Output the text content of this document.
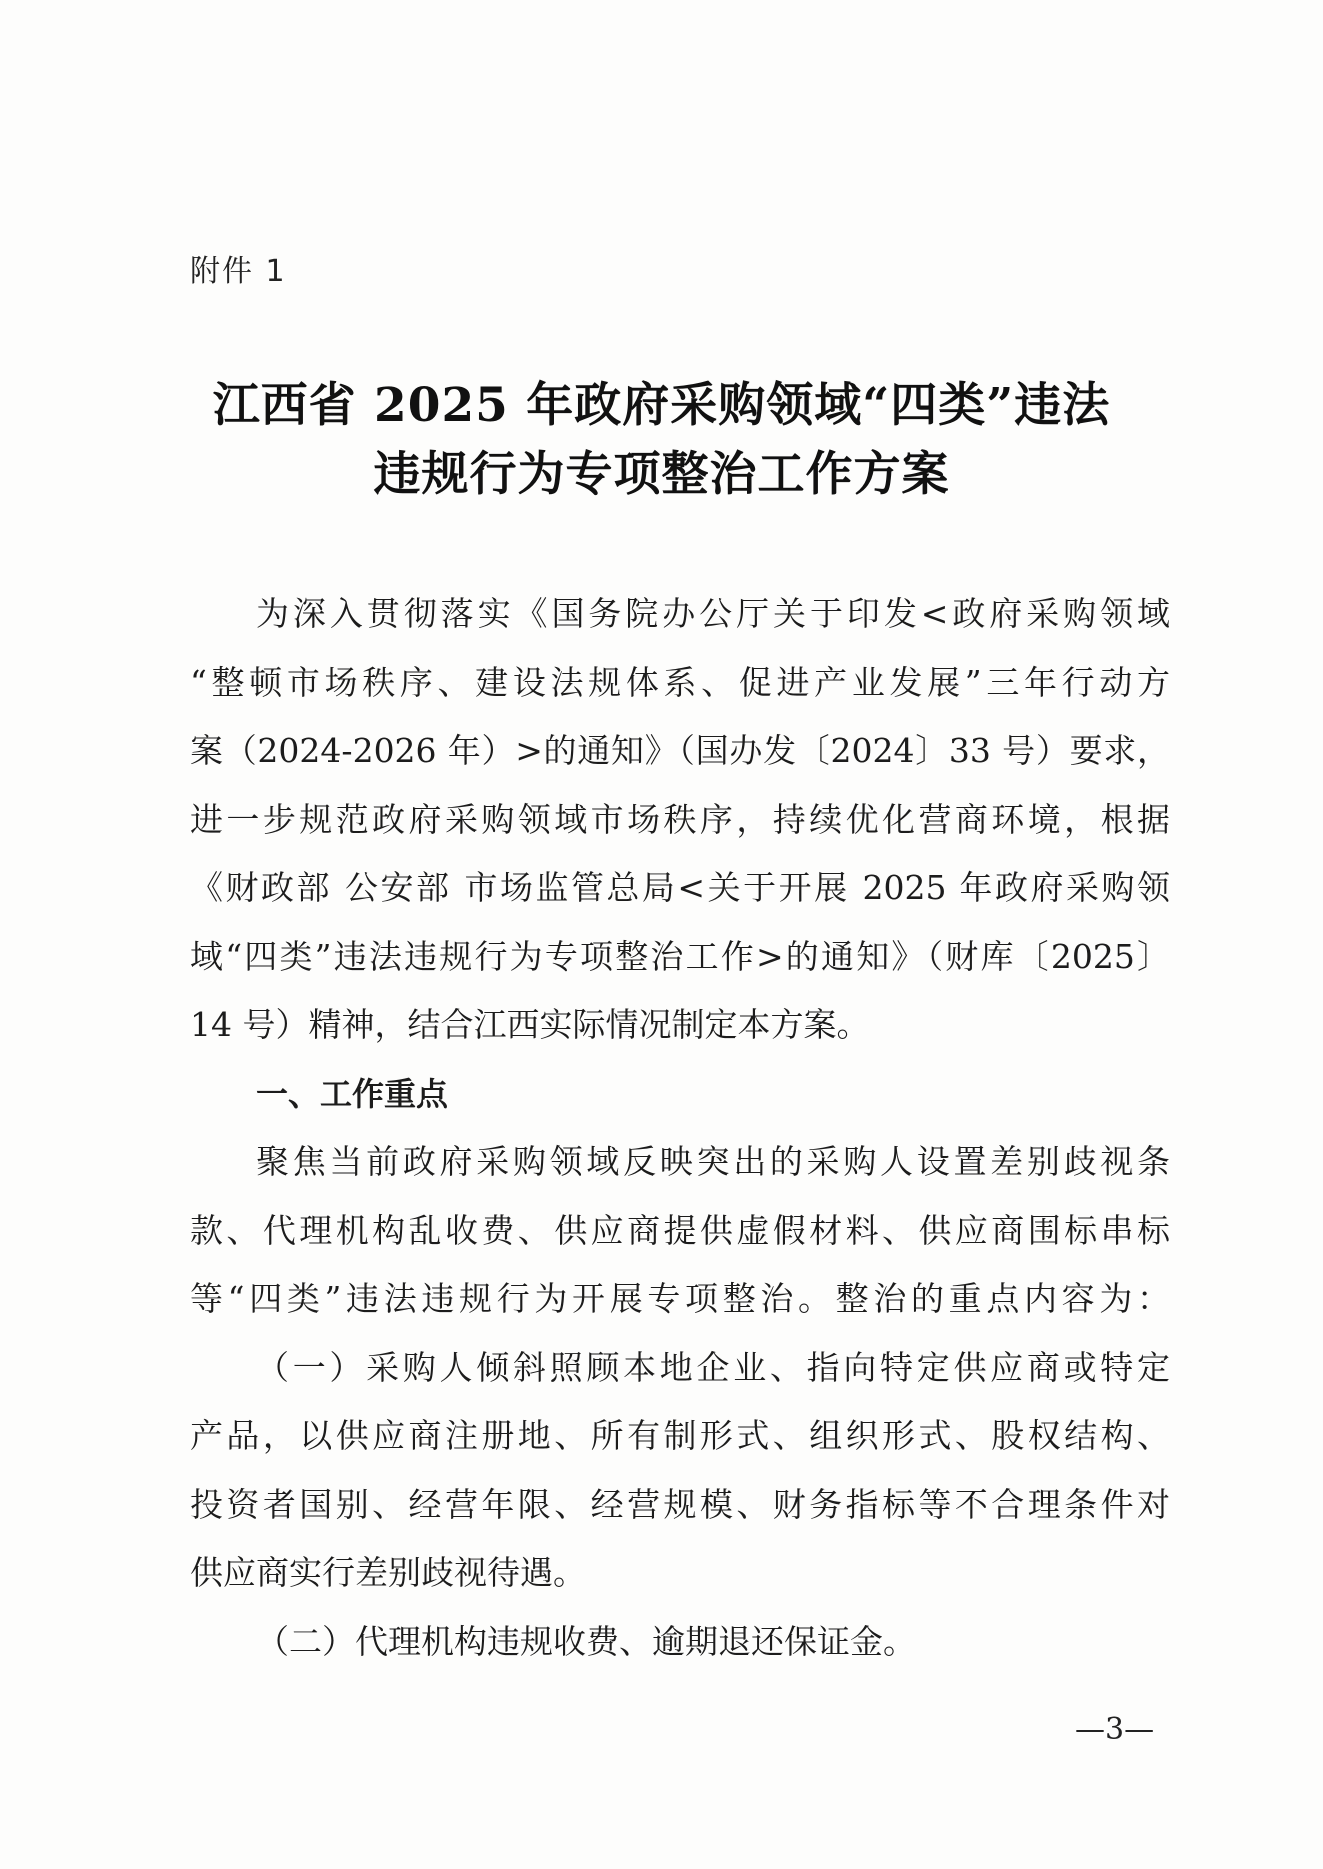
附件 1
江西省 2025 年政府采购领域“四类”违法
违规行为专项整治工作方案
为深入贯彻落实《国务院办公厅关于印发<政府采购领域
“整顿市场秩序、建设法规体系、促进产业发展”三年行动方
案（2024-2026 年）>的通知》（国办发〔2024〕33 号）要求，
进一步规范政府采购领域市场秩序，持续优化营商环境，根据
《财政部 公安部 市场监管总局<关于开展 2025 年政府采购领
域“四类”违法违规行为专项整治工作>的通知》（财库〔2025〕
14 号）精神，结合江西实际情况制定本方案。
一、工作重点
聚焦当前政府采购领域反映突出的采购人设置差别歧视条
款、代理机构乱收费、供应商提供虚假材料、供应商围标串标
等“四类”违法违规行为开展专项整治。整治的重点内容为：
（一）采购人倾斜照顾本地企业、指向特定供应商或特定
产品，以供应商注册地、所有制形式、组织形式、股权结构、
投资者国别、经营年限、经营规模、财务指标等不合理条件对
供应商实行差别歧视待遇。
（二）代理机构违规收费、逾期退还保证金。
—3—
